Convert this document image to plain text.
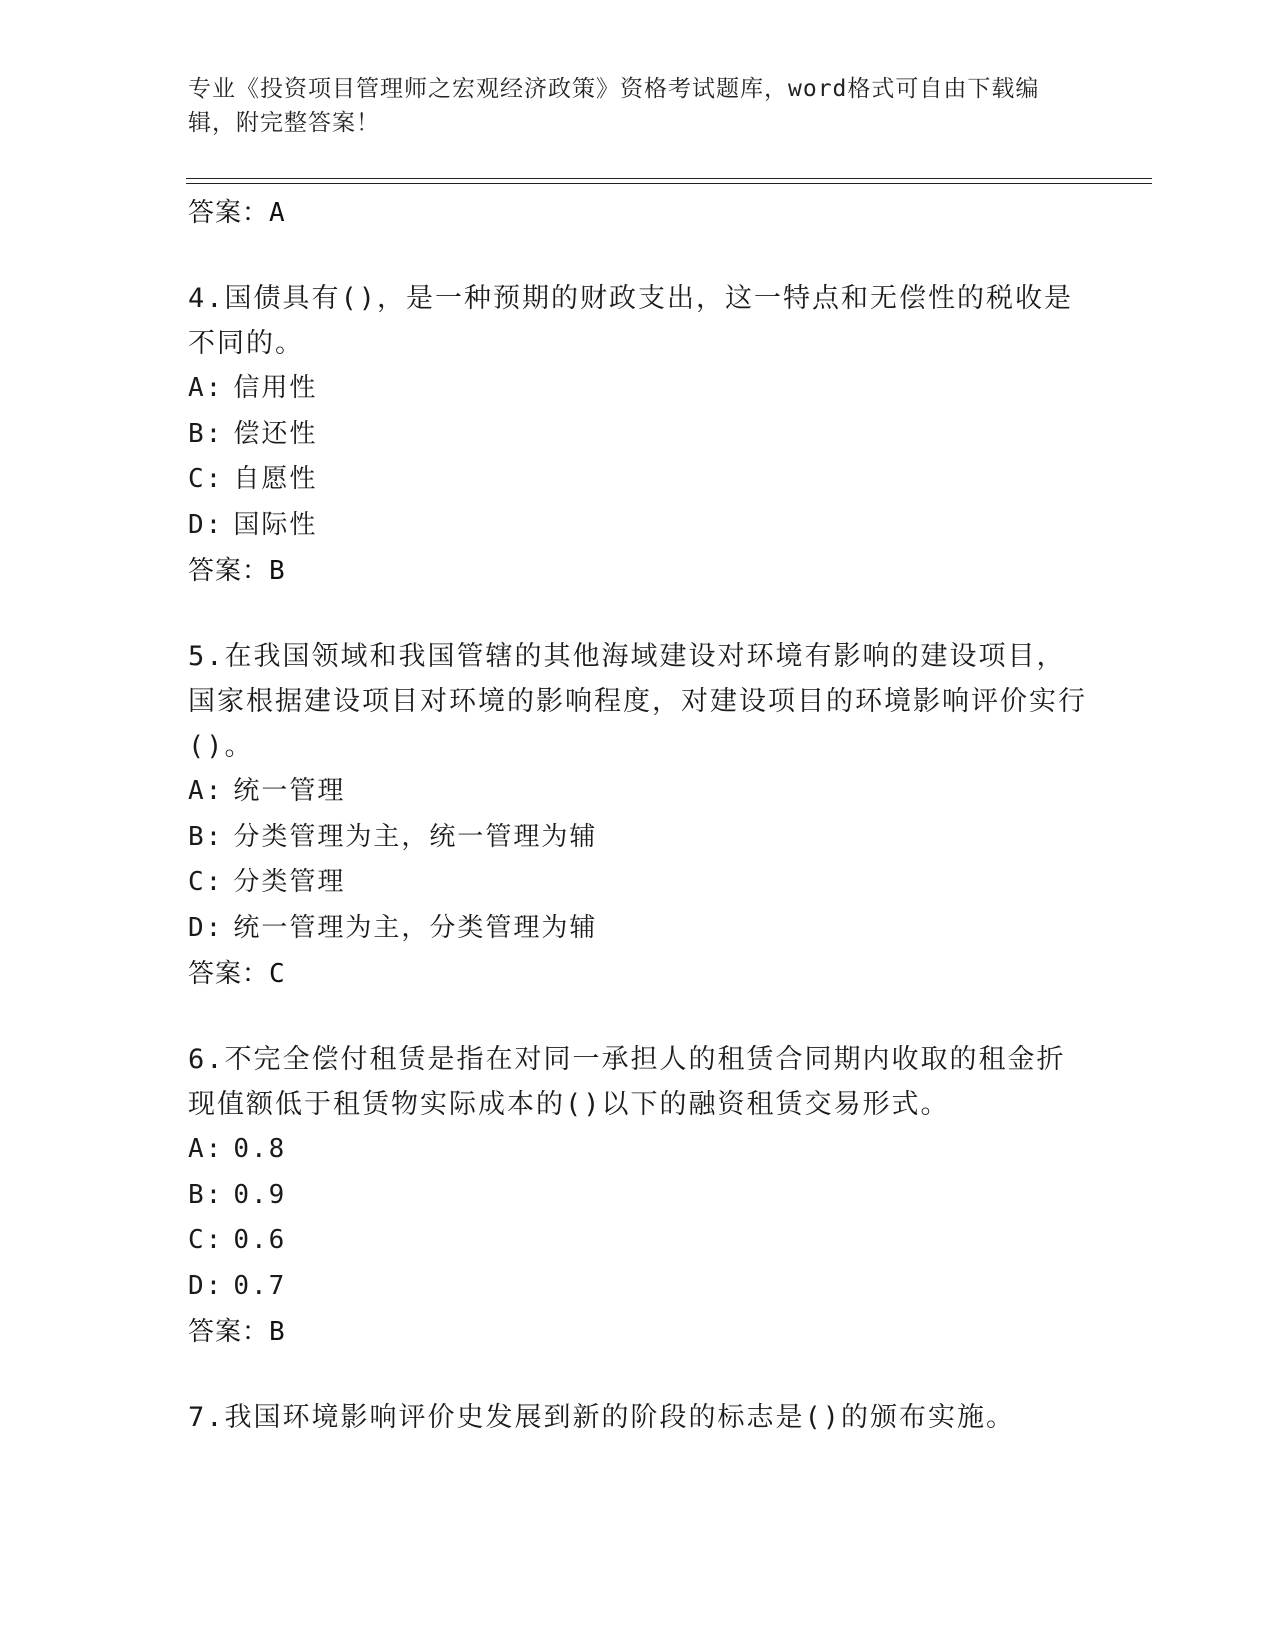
专业《投资项目管理师之宏观经济政策》资格考试题库，word格式可自由下载编辑，附完整答案！
答案：A
4.国债具有()，是一种预期的财政支出，这一特点和无偿性的税收是不同的。
A: 信用性
B: 偿还性
C: 自愿性
D: 国际性
答案：B
5.在我国领域和我国管辖的其他海域建设对环境有影响的建设项目，国家根据建设项目对环境的影响程度，对建设项目的环境影响评价实行()。
A: 统一管理
B: 分类管理为主，统一管理为辅
C: 分类管理
D: 统一管理为主，分类管理为辅
答案：C
6.不完全偿付租赁是指在对同一承担人的租赁合同期内收取的租金折现值额低于租赁物实际成本的()以下的融资租赁交易形式。
A: 0.8
B: 0.9
C: 0.6
D: 0.7
答案：B
7.我国环境影响评价史发展到新的阶段的标志是()的颁布实施。
